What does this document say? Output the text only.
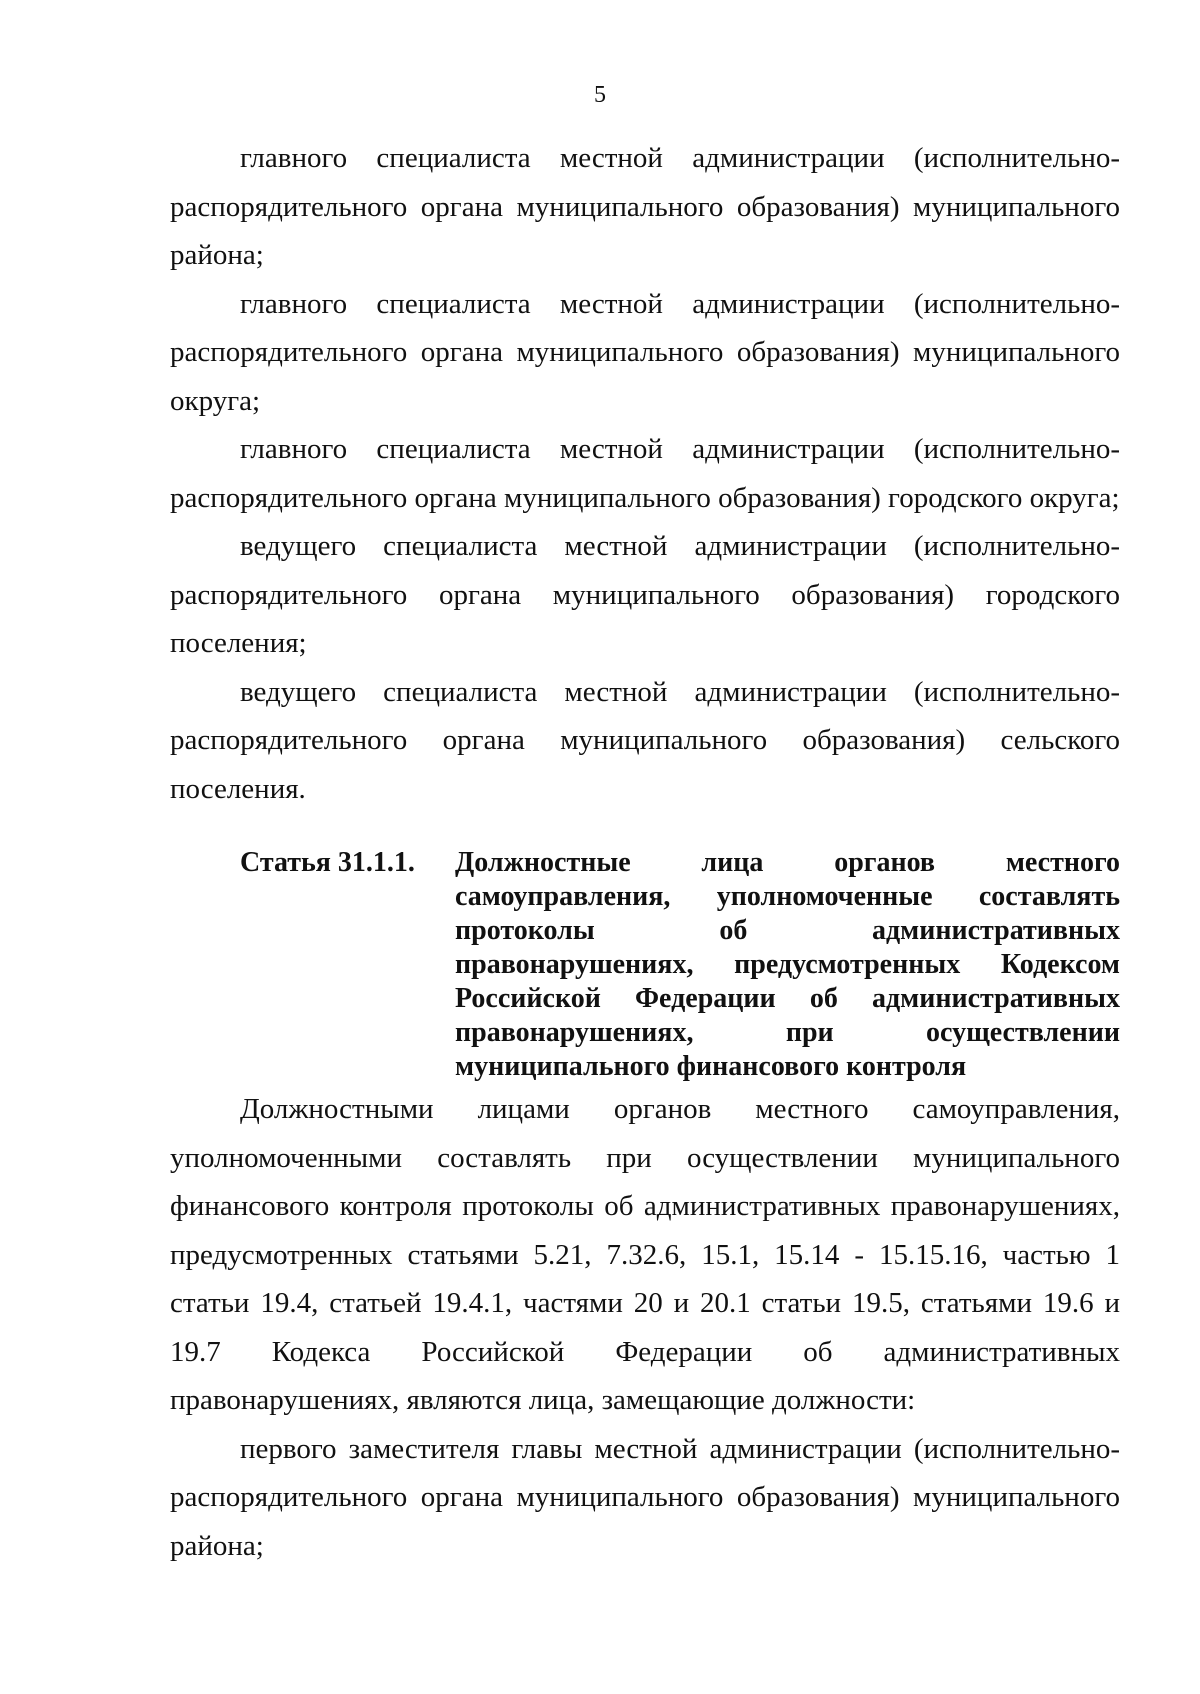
5

главного специалиста местной администрации (исполнительно-распорядительного органа муниципального образования) муниципального района;

главного специалиста местной администрации (исполнительно-распорядительного органа муниципального образования) муниципального округа;

главного специалиста местной администрации (исполнительно-распорядительного органа муниципального образования) городского округа;

ведущего специалиста местной администрации (исполнительно-распорядительного органа муниципального образования) городского поселения;

ведущего специалиста местной администрации (исполнительно-распорядительного органа муниципального образования) сельского поселения.

Статья 31.1.1.	Должностные лица органов местного самоуправления, уполномоченные составлять протоколы об административных правонарушениях, предусмотренных Кодексом Российской Федерации об административных правонарушениях, при осуществлении муниципального финансового контроля

Должностными лицами органов местного самоуправления, уполномоченными составлять при осуществлении муниципального финансового контроля протоколы об административных правонарушениях, предусмотренных статьями 5.21, 7.32.6, 15.1, 15.14 - 15.15.16, частью 1 статьи 19.4, статьей 19.4.1, частями 20 и 20.1 статьи 19.5, статьями 19.6 и 19.7 Кодекса Российской Федерации об административных правонарушениях, являются лица, замещающие должности:

первого заместителя главы местной администрации (исполнительно-распорядительного органа муниципального образования) муниципального района;
